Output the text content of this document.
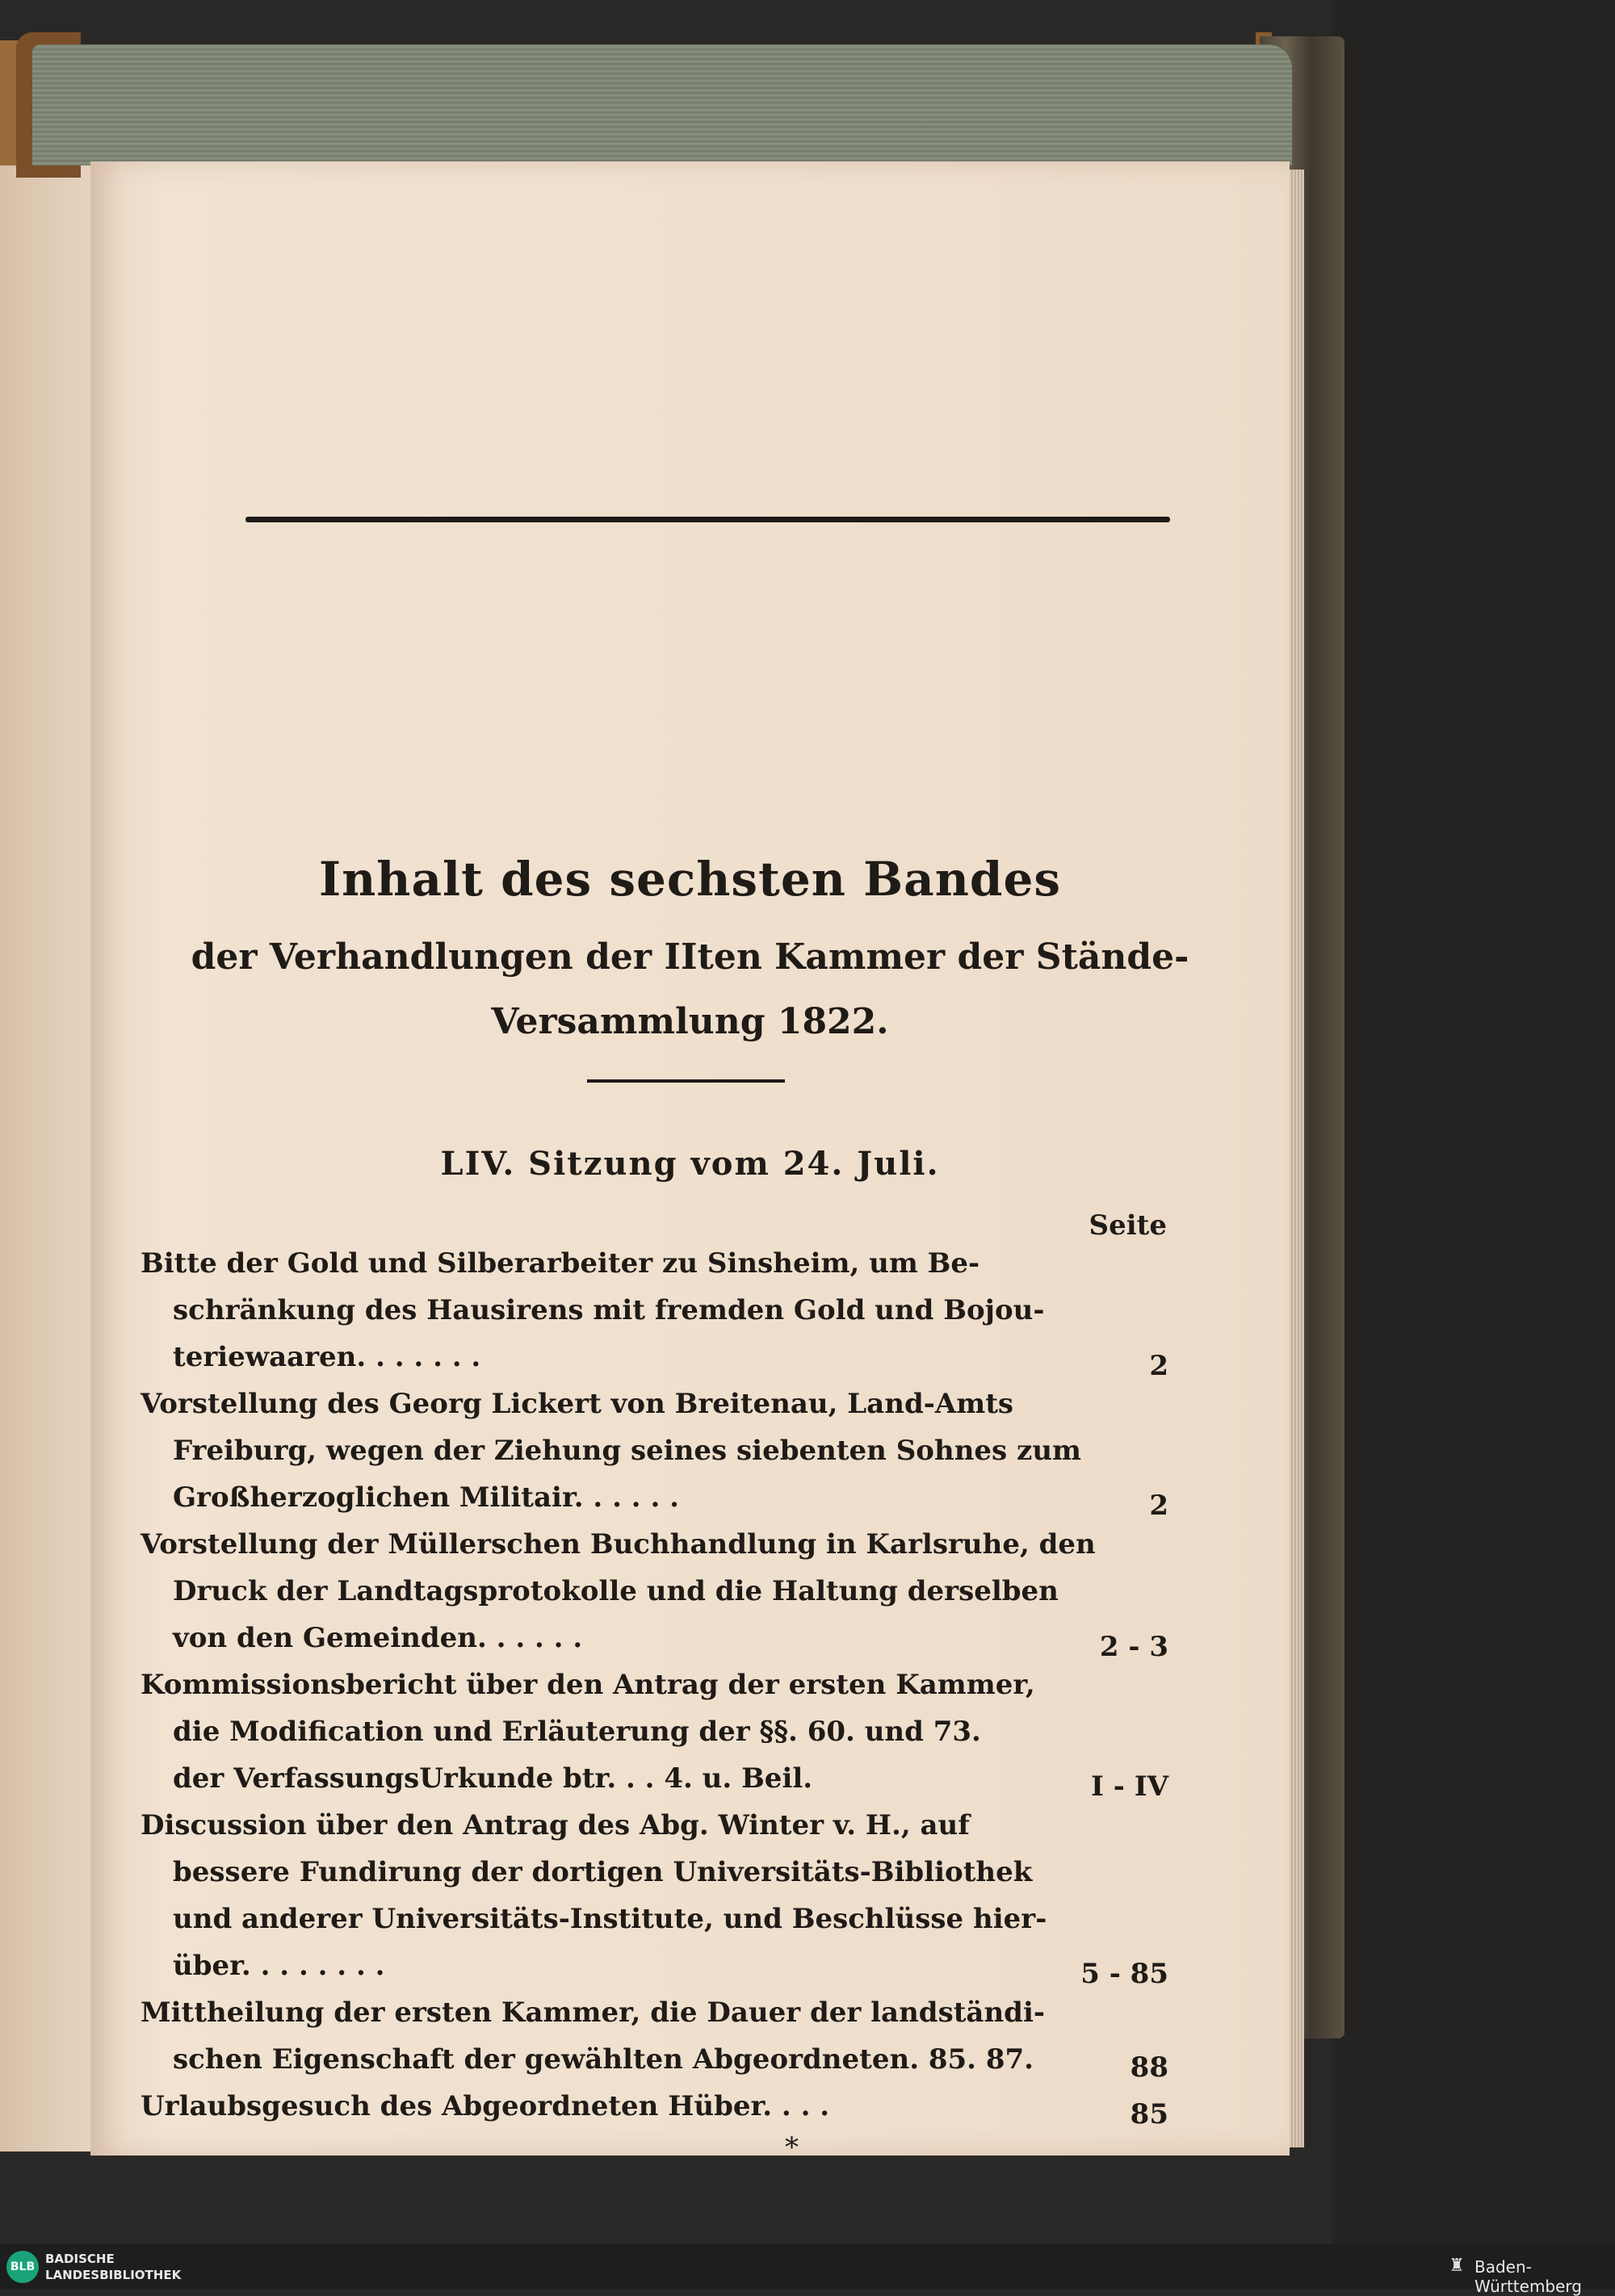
Inhalt des sechsten Bandes
der Verhandlungen der IIten Kammer der Stände-
Versammlung 1822.
LIV. Sitzung vom 24. Juli.
Seite
Bitte der Gold und Silberarbeiter zu Sinsheim, um Be-
schränkung des Hausirens mit fremden Gold und Bojou-
teriewaaren. . . . . . .	2
Vorstellung des Georg Lickert von Breitenau, Land-Amts
Freiburg, wegen der Ziehung seines siebenten Sohnes zum
Großherzoglichen Militair. . . . . .	2
Vorstellung der Müllerschen Buchhandlung in Karlsruhe, den
Druck der Landtagsprotokolle und die Haltung derselben
von den Gemeinden. . . . . .	2 - 3
Kommissionsbericht über den Antrag der ersten Kammer,
die Modification und Erläuterung der §§. 60. und 73.
der VerfassungsUrkunde btr. . . 4. u. Beil.	I - IV
Discussion über den Antrag des Abg. Winter v. H., auf
bessere Fundirung der dortigen Universitäts-Bibliothek
und anderer Universitäts-Institute, und Beschlüsse hier-
über. . . . . . . .	5 - 85
Mittheilung der ersten Kammer, die Dauer der landständi-
schen Eigenschaft der gewählten Abgeordneten. 85. 87.	88
Urlaubsgesuch des Abgeordneten Hüber. . . .	85
*
BLB
BADISCHE
LANDESBIBLIOTHEK	♜ Baden-Württemberg
